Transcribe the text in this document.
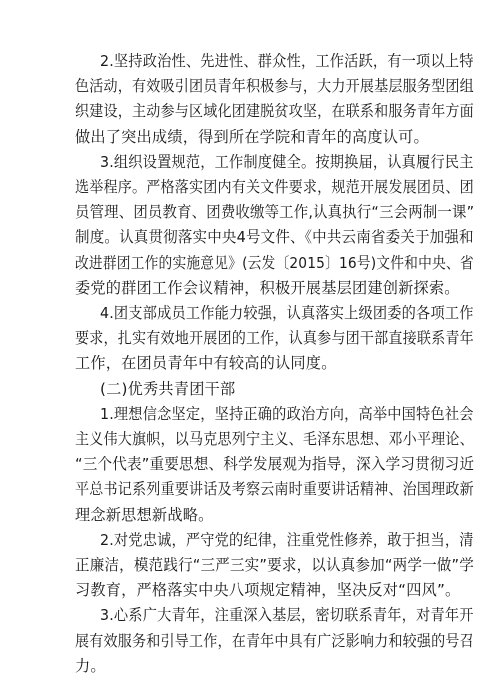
2.坚持政治性、先进性、群众性，工作活跃，有一项以上特
色活动，有效吸引团员青年积极参与，大力开展基层服务型团组
织建设，主动参与区域化团建脱贫攻坚，在联系和服务青年方面
做出了突出成绩，得到所在学院和青年的高度认可。
3.组织设置规范，工作制度健全。按期换届，认真履行民主
选举程序。严格落实团内有关文件要求，规范开展发展团员、团
员管理、团员教育、团费收缴等工作,认真执行“三会两制一课”
制度。认真贯彻落实中央4号文件、《中共云南省委关于加强和
改进群团工作的实施意见》(云发〔2015〕16号)文件和中央、省
委党的群团工作会议精神，积极开展基层团建创新探索。
4.团支部成员工作能力较强，认真落实上级团委的各项工作
要求，扎实有效地开展团的工作，认真参与团干部直接联系青年
工作，在团员青年中有较高的认同度。
(二)优秀共青团干部
1.理想信念坚定，坚持正确的政治方向，高举中国特色社会
主义伟大旗帜，以马克思列宁主义、毛泽东思想、邓小平理论、
“三个代表”重要思想、科学发展观为指导，深入学习贯彻习近
平总书记系列重要讲话及考察云南时重要讲话精神、治国理政新
理念新思想新战略。
2.对党忠诚，严守党的纪律，注重党性修养，敢于担当，清
正廉洁，模范践行“三严三实”要求，以认真参加“两学一做”学
习教育，严格落实中央八项规定精神，坚决反对“四风”。
3.心系广大青年，注重深入基层，密切联系青年，对青年开
展有效服务和引导工作，在青年中具有广泛影响力和较强的号召
力。
